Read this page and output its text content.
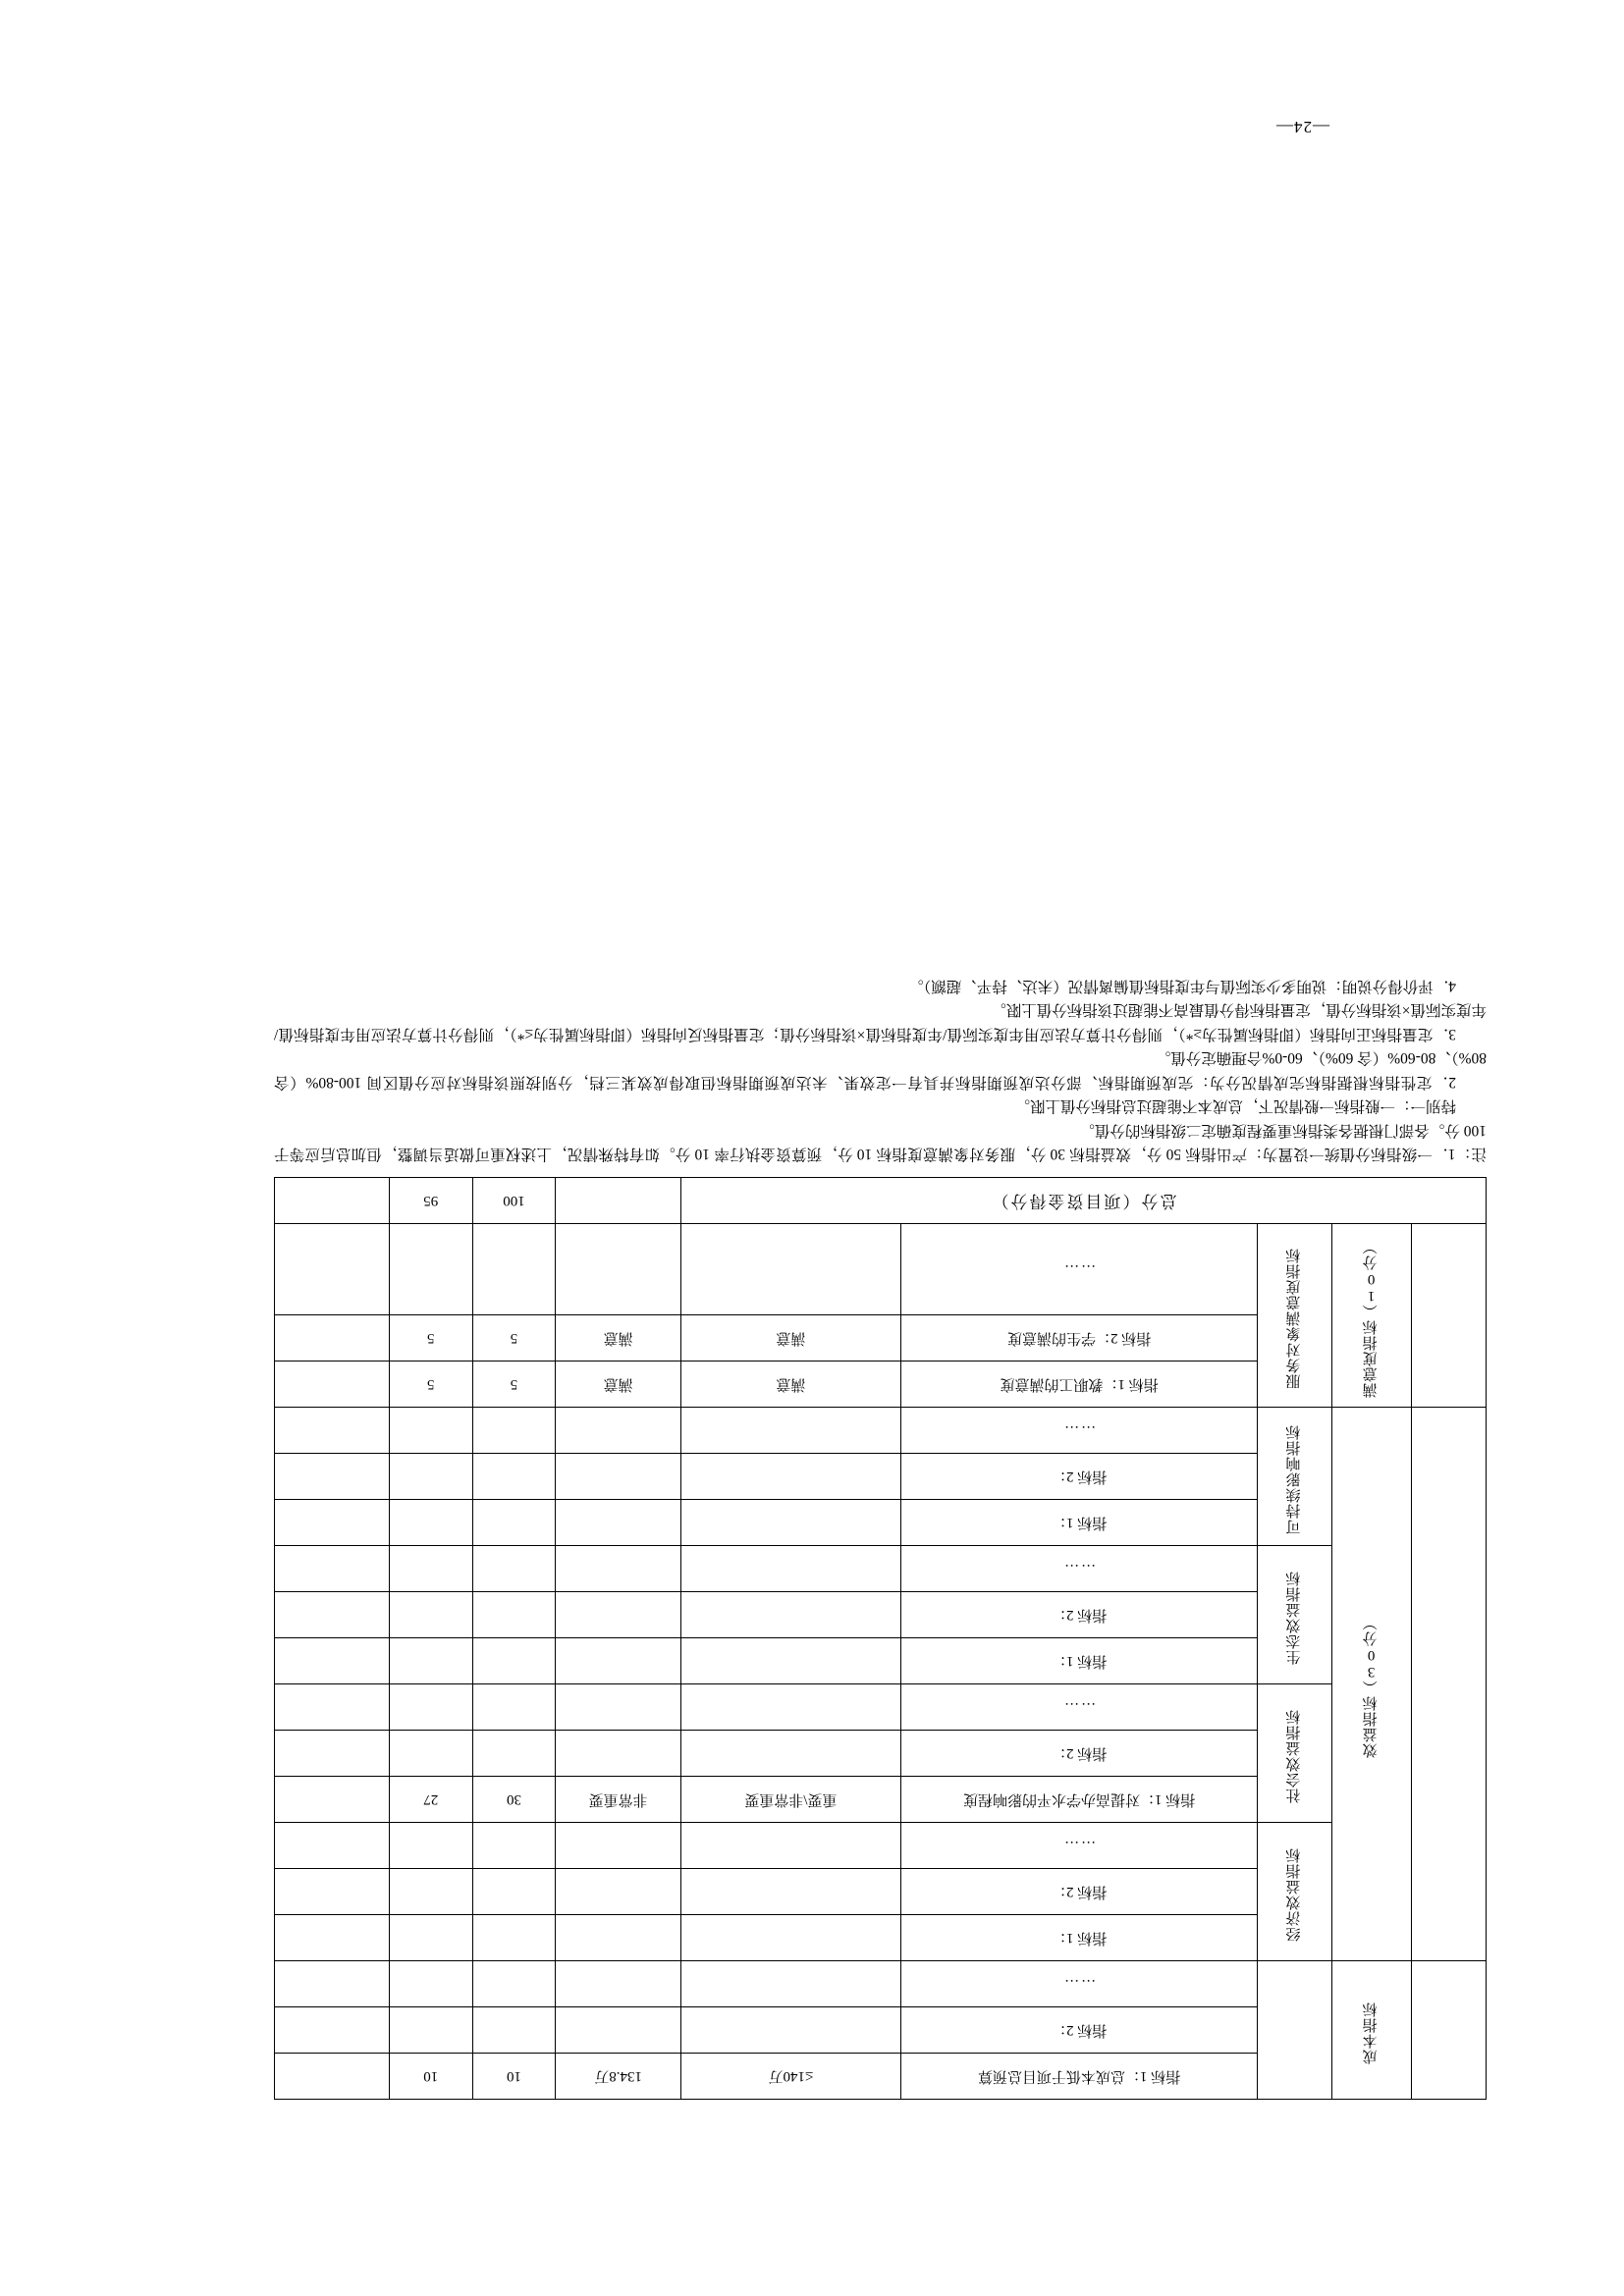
	成本指标		指标 1：总成本低于项目总预算	≤140万	134.8万	10	10	
			指标 2：					
			……					
	效益指标（30分）	经济效益指标	指标 1：					
			指标 2：					
			……					
		社会效益指标	指标 1：对提高办学水平的影响程度	重要\非常重要	非常重要	30	27	
			指标 2：					
			……					
		生态效益指标	指标 1：					
			指标 2：					
			……					
		可持续影响指标	指标 1：					
			指标 2：					
			……					
	满意度指标（10分）	服务对象满意度指标	指标 1：教职工的满意度	满意	满意	5	5	
			指标 2：学生的满意度	满意	满意	5	5	
			……					
总分（项目资金得分）						100	95	

注：1．一级指标分值统一设置为：产出指标 50 分，效益指标 30 分，服务对象满意度指标 10 分，预算资金执行率 10 分。如有特殊情况，上述权重可做适当调整，但加总后应等于 100 分。各部门根据各类指标重要程度确定二级指标的分值。

特别一：一般指标一般情况下，总成本不能超过总指标分值上限。

2．定性指标根据指标完成情况分为：完成预期指标、部分达成预期指标并具有一定效果、未达成预期指标但取得成效某三档，分别按照该指标对应分值区间 100-80%（含 80%）、80-60%（含 60%）、60-0%合理确定分值。

3．定量指标正向指标（即指标属性为≥*），则得分计算方法应用年度实际值/年度指标值×该指标分值；定量指标反向指标（即指标属性为≤*），则得分计算方法应用年度指标值/年度实际值×该指标分值，定量指标得分值最高不能超过该指标分值上限。

4．评价得分说明：说明多少实际值与年度指标值偏离情况（未达、持平、超额）。

—24—
